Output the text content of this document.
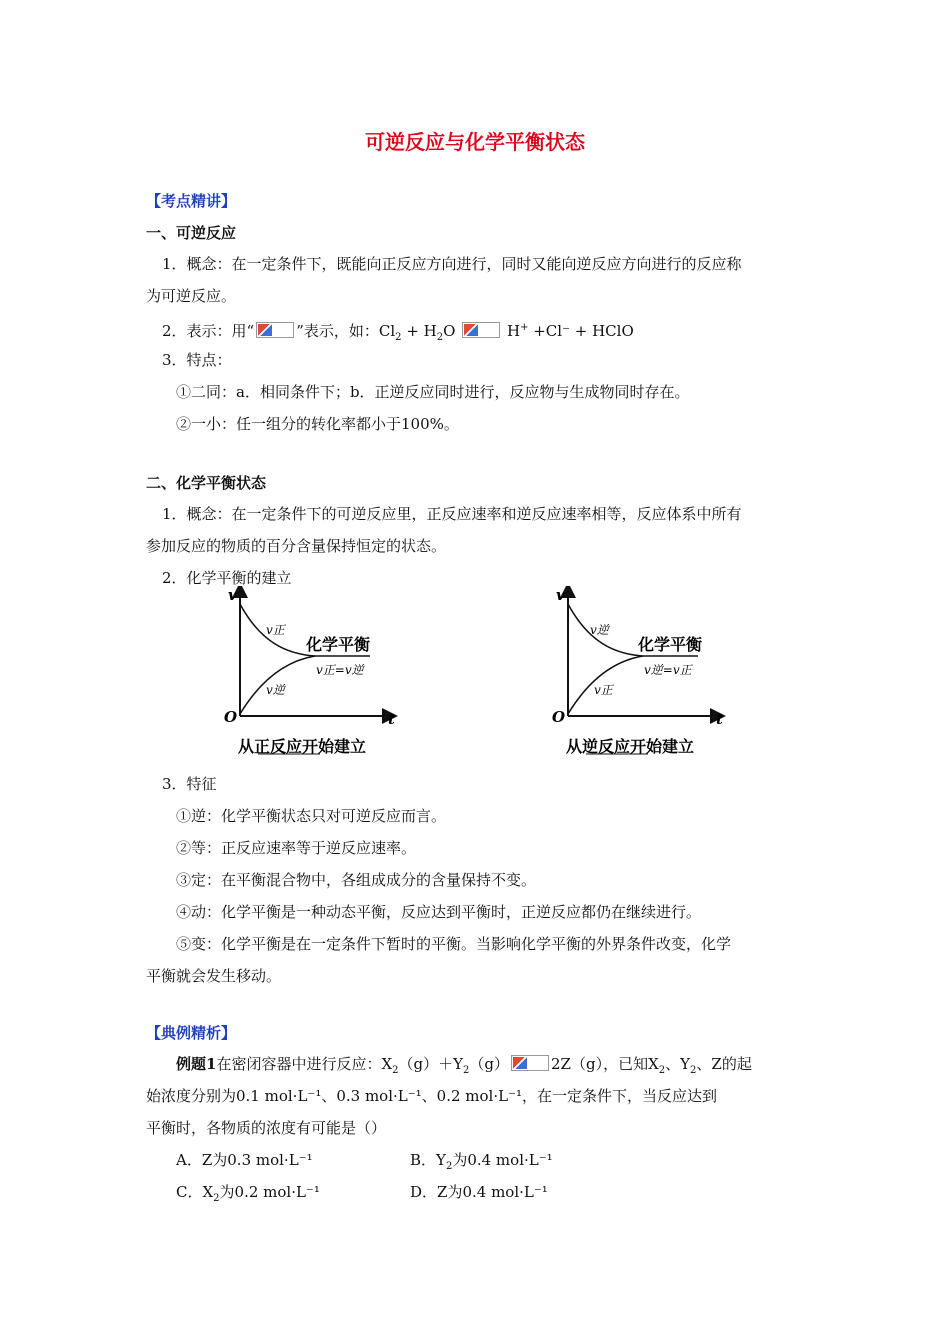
可逆反应与化学平衡状态
【考点精讲】
一、可逆反应
1．概念：在一定条件下，既能向正反应方向进行，同时又能向逆反应方向进行的反应称
为可逆反应。
2．表示：用“	”表示，如：$Cl_2 + H_2O$	H+ +Cl⁻ + HClO
3．特点：
①二同：a．相同条件下；b．正逆反应同时进行，反应物与生成物同时存在。
②一小：任一组分的转化率都小于100%。
二、化学平衡状态
1．概念：在一定条件下的可逆反应里，正反应速率和逆反应速率相等，反应体系中所有
参加反应的物质的百分含量保持恒定的状态。
2．化学平衡的建立
v
t
O
v正
v逆
化学平衡
v正=v逆
从正反应开始建立
v
t
O
v逆
v正
化学平衡
v逆=v正
从逆反应开始建立
3．特征
①逆：化学平衡状态只对可逆反应而言。
②等：正反应速率等于逆反应速率。
③定：在平衡混合物中，各组成成分的含量保持不变。
④动：化学平衡是一种动态平衡，反应达到平衡时，正逆反应都仍在继续进行。
⑤变：化学平衡是在一定条件下暂时的平衡。当影响化学平衡的外界条件改变，化学
平衡就会发生移动。
【典例精析】
例题1在密闭容器中进行反应：$X_2(g)+Y_2(g)$	2Z（g），已知$X_2$、$Y_2$、Z的起
始浓度分别为0.1 mol·L⁻¹、0.3 mol·L⁻¹、0.2 mol·L⁻¹，在一定条件下，当反应达到
平衡时，各物质的浓度有可能是（）
A．Z为0.3 mol·L⁻¹	B．$Y_2$为0.4 mol·L⁻¹
C．$X_2$为0.2 mol·L⁻¹	D．Z为0.4 mol·L⁻¹
